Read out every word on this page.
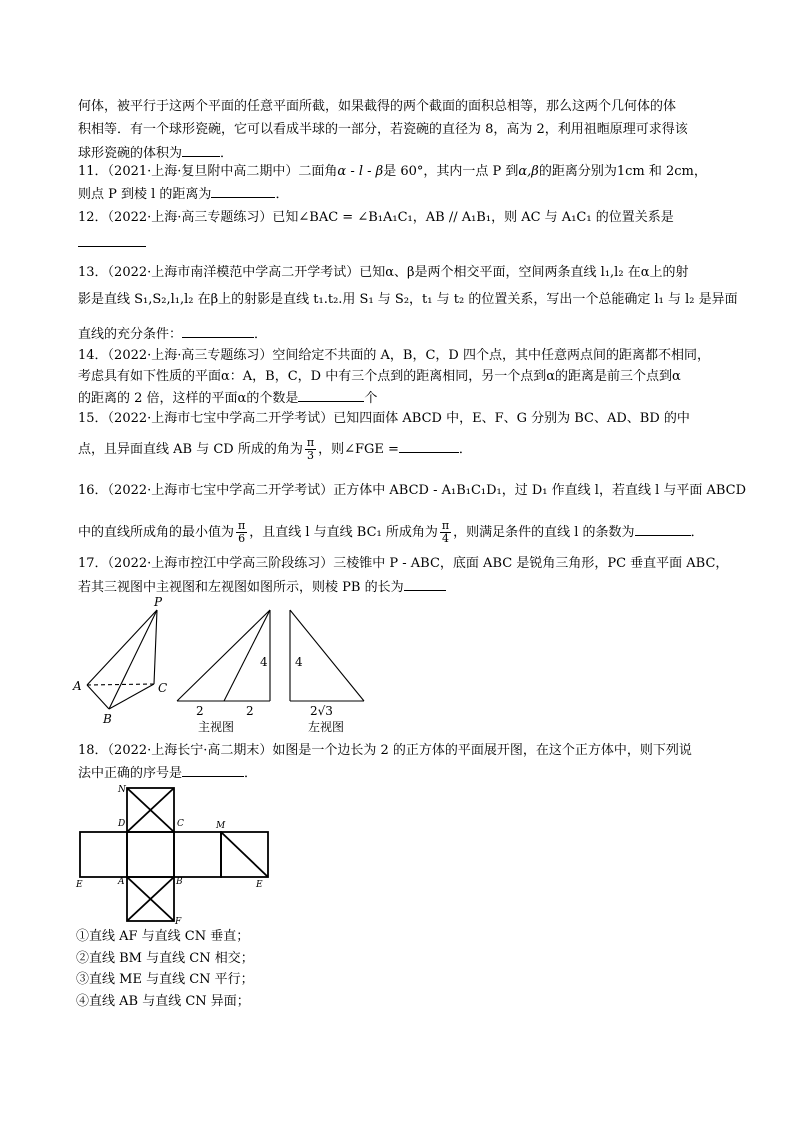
何体，被平行于这两个平面的任意平面所截，如果截得的两个截面的面积总相等，那么这两个几何体的体
积相等．有一个球形瓷碗，它可以看成半球的一部分，若瓷碗的直径为 8，高为 2，利用祖暅原理可求得该
球形瓷碗的体积为	．
11．（2021·上海·复旦附中高二期中）二面角α - l - β是 60°，其内一点 P 到α,β的距离分别为1cm 和 2cm，
则点 P 到棱 l 的距离为	．
12．（2022·上海·高三专题练习）已知∠BAC = ∠B₁A₁C₁，AB // A₁B₁，则 AC 与 A₁C₁ 的位置关系是
13．（2022·上海市南洋模范中学高二开学考试）已知α、β是两个相交平面，空间两条直线 l₁,l₂ 在α上的射
影是直线 S₁,S₂,l₁,l₂ 在β上的射影是直线 t₁.t₂.用 S₁ 与 S₂，t₁ 与 t₂ 的位置关系，写出一个总能确定 l₁ 与 l₂ 是异面
直线的充分条件：	．
14．（2022·上海·高三专题练习）空间给定不共面的 A，B，C，D 四个点，其中任意两点间的距离都不相同，
考虑具有如下性质的平面α：A，B，C，D 中有三个点到的距离相同，另一个点到α的距离是前三个点到α
的距离的 2 倍，这样的平面α的个数是	个
15．（2022·上海市七宝中学高二开学考试）已知四面体 ABCD 中，E、F、G 分别为 BC、AD、BD 的中
点，且异面直线 AB 与 CD 所成的角为 $\frac{\pi}{3}$ ，则∠FGE =	．
16．（2022·上海市七宝中学高二开学考试）正方体中 ABCD - A₁B₁C₁D₁，过 D₁ 作直线 l，若直线 l 与平面 ABCD
中的直线所成角的最小值为 $\frac{\pi}{6}$ ，且直线 l 与直线 BC₁ 所成角为 $\frac{\pi}{4}$ ，则满足条件的直线 l 的条数为	．
17．（2022·上海市控江中学高三阶段练习）三棱锥中 P - ABC，底面 ABC 是锐角三角形，PC 垂直平面 ABC，
若其三视图中主视图和左视图如图所示，则棱 PB 的长为
P
A
B
C
4
2	2
主视图
4
2√3
左视图
18．（2022·上海长宁·高二期末）如图是一个边长为 2 的正方体的平面展开图，在这个正方体中，则下列说
法中正确的序号是	．
N
D	C	M
E	A	B	E
F
①直线 AF 与直线 CN 垂直；
②直线 BM 与直线 CN 相交；
③直线 ME 与直线 CN 平行；
④直线 AB 与直线 CN 异面；
